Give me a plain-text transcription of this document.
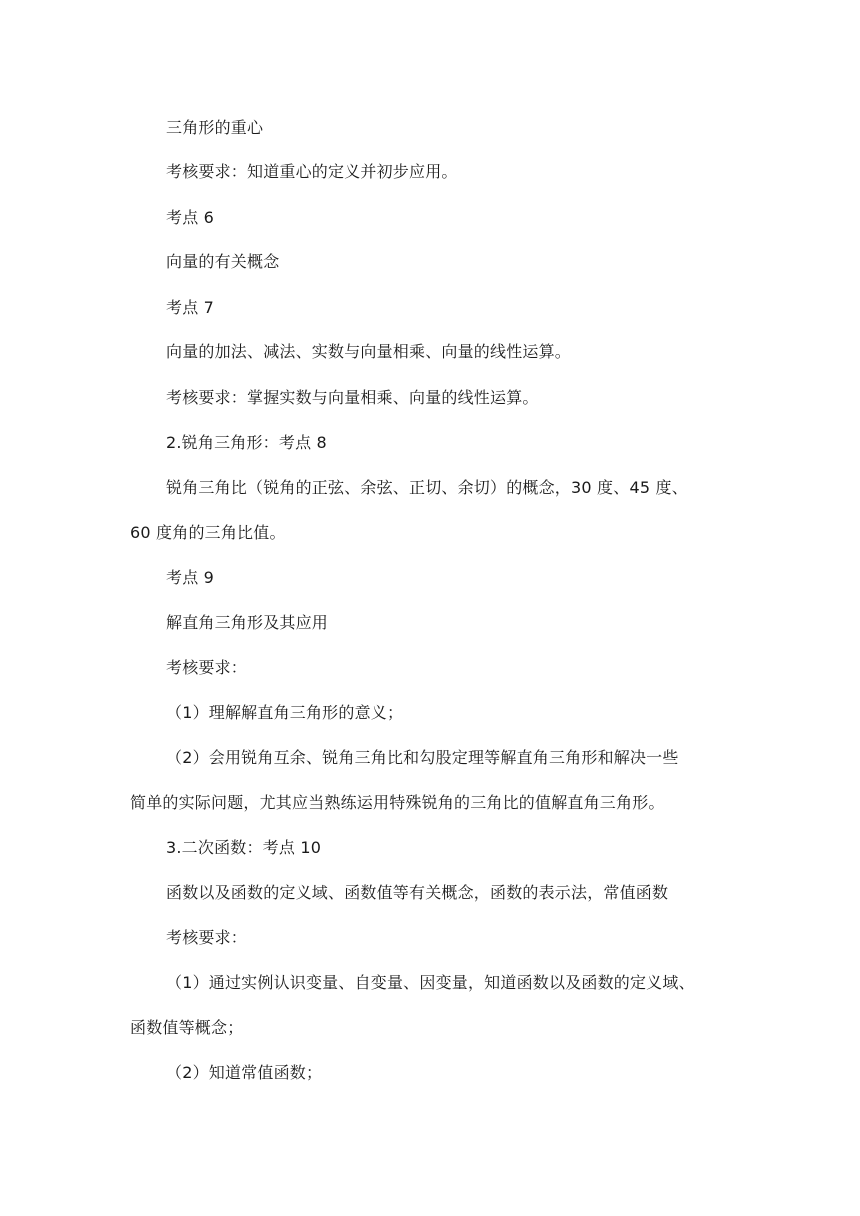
三角形的重心
考核要求：知道重心的定义并初步应用。
考点 6
向量的有关概念
考点 7
向量的加法、减法、实数与向量相乘、向量的线性运算。
考核要求：掌握实数与向量相乘、向量的线性运算。
2.锐角三角形：考点 8
锐角三角比（锐角的正弦、余弦、正切、余切）的概念，30 度、45 度、
60 度角的三角比值。
考点 9
解直角三角形及其应用
考核要求：
（1）理解解直角三角形的意义；
（2）会用锐角互余、锐角三角比和勾股定理等解直角三角形和解决一些
简单的实际问题，尤其应当熟练运用特殊锐角的三角比的值解直角三角形。
3.二次函数：考点 10
函数以及函数的定义域、函数值等有关概念，函数的表示法，常值函数
考核要求：
（1）通过实例认识变量、自变量、因变量，知道函数以及函数的定义域、
函数值等概念；
（2）知道常值函数；
